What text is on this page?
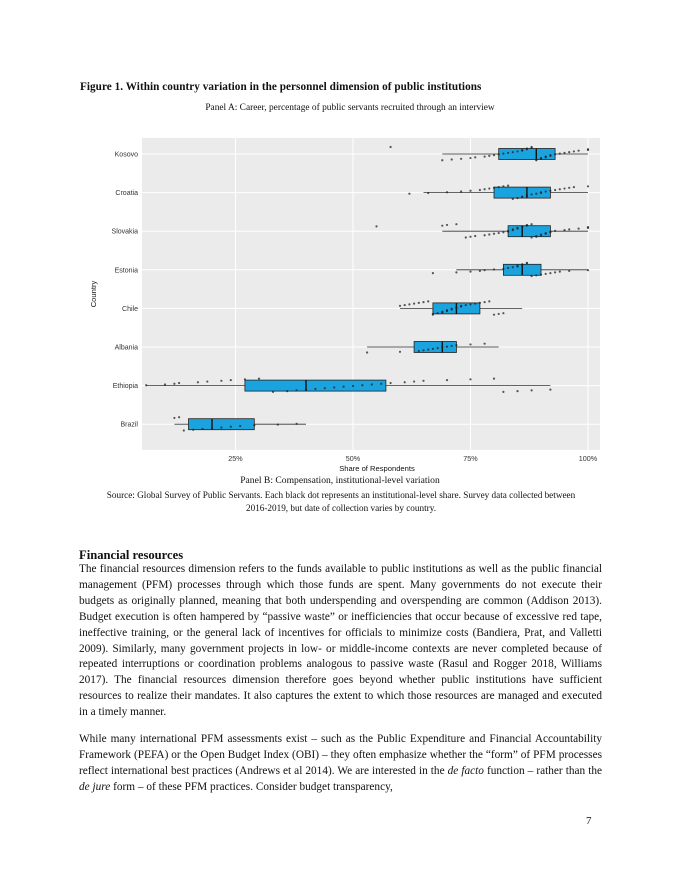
Figure 1. Within country variation in the personnel dimension of public institutions
Panel A: Career, percentage of public servants recruited through an interview
25%	50%	75%	100%
Kosovo
Croatia
Slovakia
Estonia
Chile
Albania
Ethiopia
Brazil
Share of Respondents
Country
Panel B: Compensation, institutional-level variation
Source: Global Survey of Public Servants. Each black dot represents an institutional-level share. Survey data collected between 2016-2019, but date of collection varies by country.
Financial resources
The financial resources dimension refers to the funds available to public institutions as well as the public financial management (PFM) processes through which those funds are spent. Many governments do not execute their budgets as originally planned, meaning that both underspending and overspending are common (Addison 2013). Budget execution is often hampered by “passive waste” or inefficiencies that occur because of excessive red tape, ineffective training, or the general lack of incentives for officials to minimize costs (Bandiera, Prat, and Valletti 2009). Similarly, many government projects in low- or middle-income contexts are never completed because of repeated interruptions or coordination problems analogous to passive waste (Rasul and Rogger 2018, Williams 2017). The financial resources dimension therefore goes beyond whether public institutions have sufficient resources to realize their mandates. It also captures the extent to which those resources are managed and executed in a timely manner.
While many international PFM assessments exist – such as the Public Expenditure and Financial Accountability Framework (PEFA) or the Open Budget Index (OBI) – they often emphasize whether the “form” of PFM processes reflect international best practices (Andrews et al 2014). We are interested in the de facto function – rather than the de jure form – of these PFM practices. Consider budget transparency,
7
